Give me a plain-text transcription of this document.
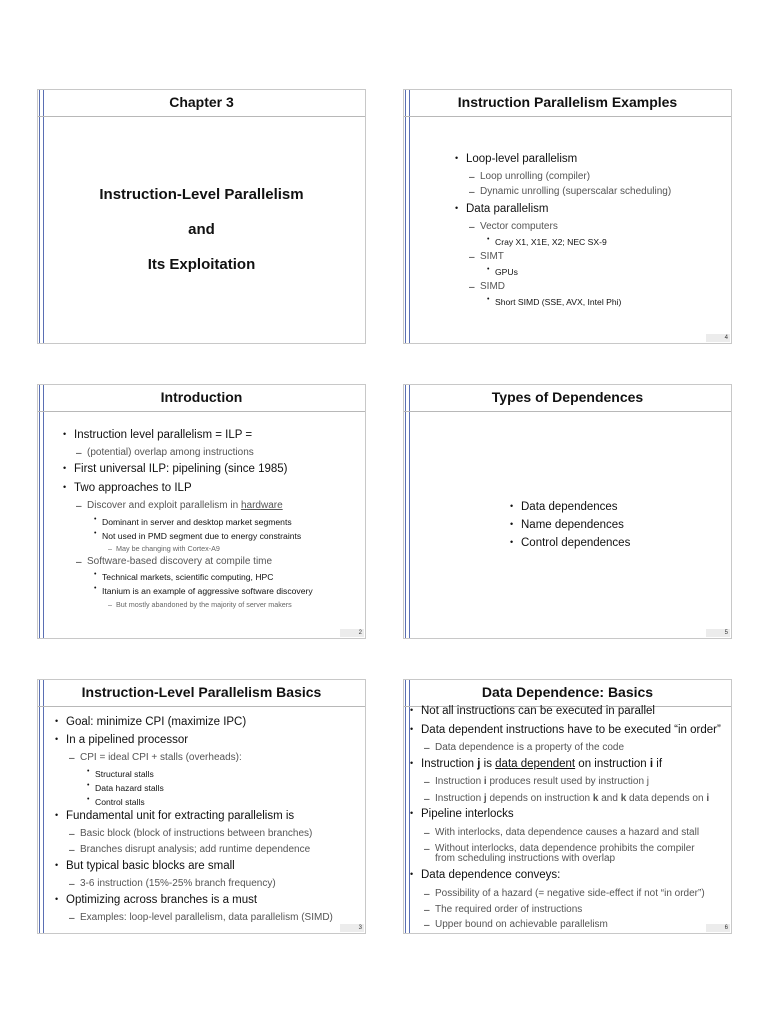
Chapter 3
Instruction-Level Parallelism
and
Its Exploitation
Instruction Parallelism Examples
• Loop-level parallelism
– Loop unrolling (compiler)
– Dynamic unrolling (superscalar scheduling)
• Data parallelism
– Vector computers
• Cray X1, X1E, X2; NEC SX-9
– SIMT
• GPUs
– SIMD
• Short SIMD (SSE, AVX, Intel Phi)
4
Introduction
• Instruction level parallelism = ILP =
– (potential) overlap among instructions
• First universal ILP: pipelining (since 1985)
• Two approaches to ILP
– Discover and exploit parallelism in hardware
• Dominant in server and desktop market segments
• Not used in PMD segment due to energy constraints
– May be changing with Cortex-A9
– Software-based discovery at compile time
• Technical markets, scientific computing, HPC
• Itanium is an example of aggressive software discovery
– But mostly abandoned by the majority of server makers
2
Types of Dependences
• Data dependences
• Name dependences
• Control dependences
5
Instruction-Level Parallelism Basics
• Goal: minimize CPI (maximize IPC)
• In a pipelined processor
– CPI = ideal CPI + stalls (overheads):
• Structural stalls
• Data hazard stalls
• Control stalls
• Fundamental unit for extracting parallelism is
– Basic block (block of instructions between branches)
– Branches disrupt analysis; add runtime dependence
• But typical basic blocks are small
– 3-6 instruction (15%-25% branch frequency)
• Optimizing across branches is a must
– Examples: loop-level parallelism, data parallelism (SIMD)
3
Data Dependence: Basics
• Not all instructions can be executed in parallel
• Data dependent instructions have to be executed “in order”
– Data dependence is a property of the code
• Instruction j is data dependent on instruction i if
– Instruction i produces result used by instruction j
– Instruction j depends on instruction k and k data depends on i
• Pipeline interlocks
– With interlocks, data dependence causes a hazard and stall
– Without interlocks, data dependence prohibits the compiler
from scheduling instructions with overlap
• Data dependence conveys:
– Possibility of a hazard (= negative side-effect if not “in order”)
– The required order of instructions
– Upper bound on achievable parallelism	6
